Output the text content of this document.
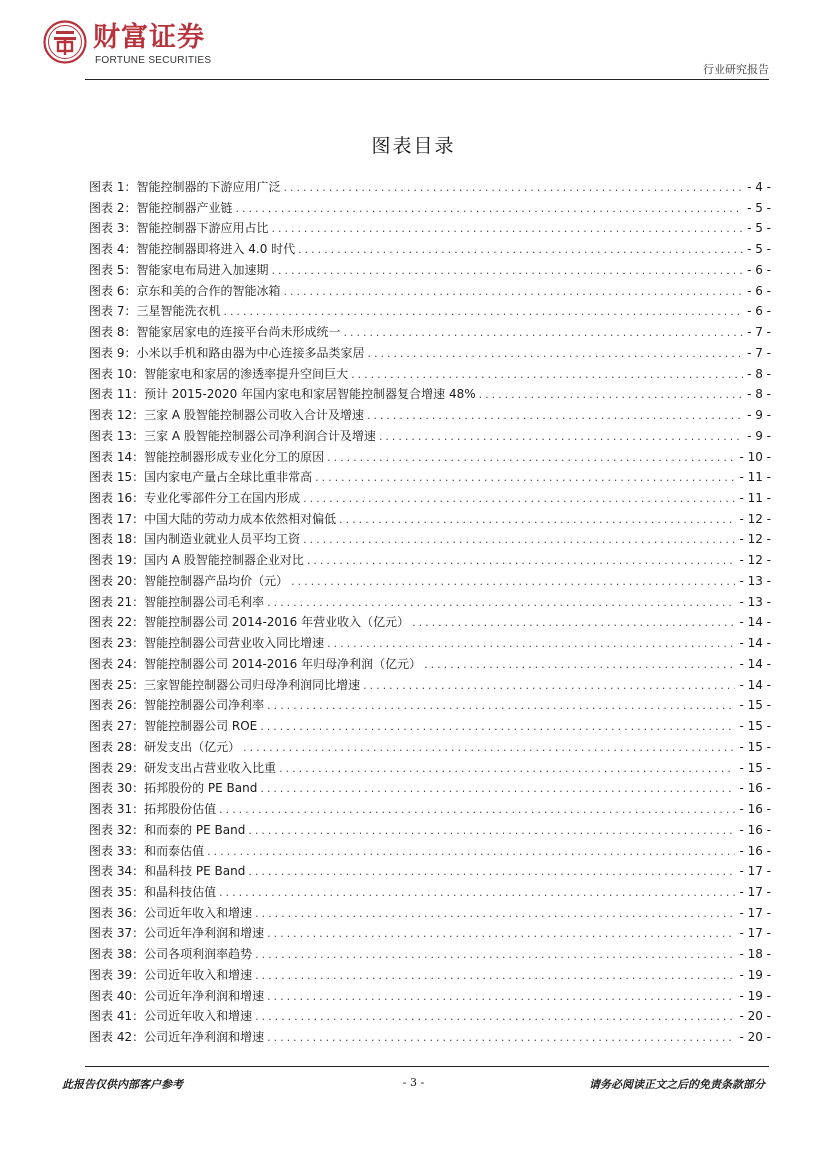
财富证券
FORTUNE SECURITIES
行业研究报告
图表目录
图表 1：智能控制器的下游应用广泛 .....	- 4 -
图表 2：智能控制器产业链 .....	- 5 -
图表 3：智能控制器下游应用占比 .....	- 5 -
图表 4：智能控制器即将进入 4.0 时代 .....	- 5 -
图表 5：智能家电布局进入加速期 .....	- 6 -
图表 6：京东和美的合作的智能冰箱 .....	- 6 -
图表 7：三星智能洗衣机 .....	- 6 -
图表 8：智能家居家电的连接平台尚未形成统一 .....	- 7 -
图表 9：小米以手机和路由器为中心连接多品类家居 .....	- 7 -
图表 10：智能家电和家居的渗透率提升空间巨大 .....	- 8 -
图表 11：预计 2015-2020 年国内家电和家居智能控制器复合增速 48% .....	- 8 -
图表 12：三家 A 股智能控制器公司收入合计及增速 .....	- 9 -
图表 13：三家 A 股智能控制器公司净利润合计及增速 .....	- 9 -
图表 14：智能控制器形成专业化分工的原因 .....	- 10 -
图表 15：国内家电产量占全球比重非常高 .....	- 11 -
图表 16：专业化零部件分工在国内形成 .....	- 11 -
图表 17：中国大陆的劳动力成本依然相对偏低 .....	- 12 -
图表 18：国内制造业就业人员平均工资 .....	- 12 -
图表 19：国内 A 股智能控制器企业对比 .....	- 12 -
图表 20：智能控制器产品均价（元） .....	- 13 -
图表 21：智能控制器公司毛利率 .....	- 13 -
图表 22：智能控制器公司 2014-2016 年营业收入（亿元） .....	- 14 -
图表 23：智能控制器公司营业收入同比增速 .....	- 14 -
图表 24：智能控制器公司 2014-2016 年归母净利润（亿元） .....	- 14 -
图表 25：三家智能控制器公司归母净利润同比增速 .....	- 14 -
图表 26：智能控制器公司净利率 .....	- 15 -
图表 27：智能控制器公司 ROE .....	- 15 -
图表 28：研发支出（亿元） .....	- 15 -
图表 29：研发支出占营业收入比重 .....	- 15 -
图表 30：拓邦股份的 PE Band .....	- 16 -
图表 31：拓邦股份估值 .....	- 16 -
图表 32：和而泰的 PE Band .....	- 16 -
图表 33：和而泰估值 .....	- 16 -
图表 34：和晶科技 PE Band .....	- 17 -
图表 35：和晶科技估值 .....	- 17 -
图表 36：公司近年收入和增速 .....	- 17 -
图表 37：公司近年净利润和增速 .....	- 17 -
图表 38：公司各项利润率趋势 .....	- 18 -
图表 39：公司近年收入和增速 .....	- 19 -
图表 40：公司近年净利润和增速 .....	- 19 -
图表 41：公司近年收入和增速 .....	- 20 -
图表 42：公司近年净利润和增速 .....	- 20 -
此报告仅供内部客户参考	- 3 -	请务必阅读正文之后的免责条款部分
